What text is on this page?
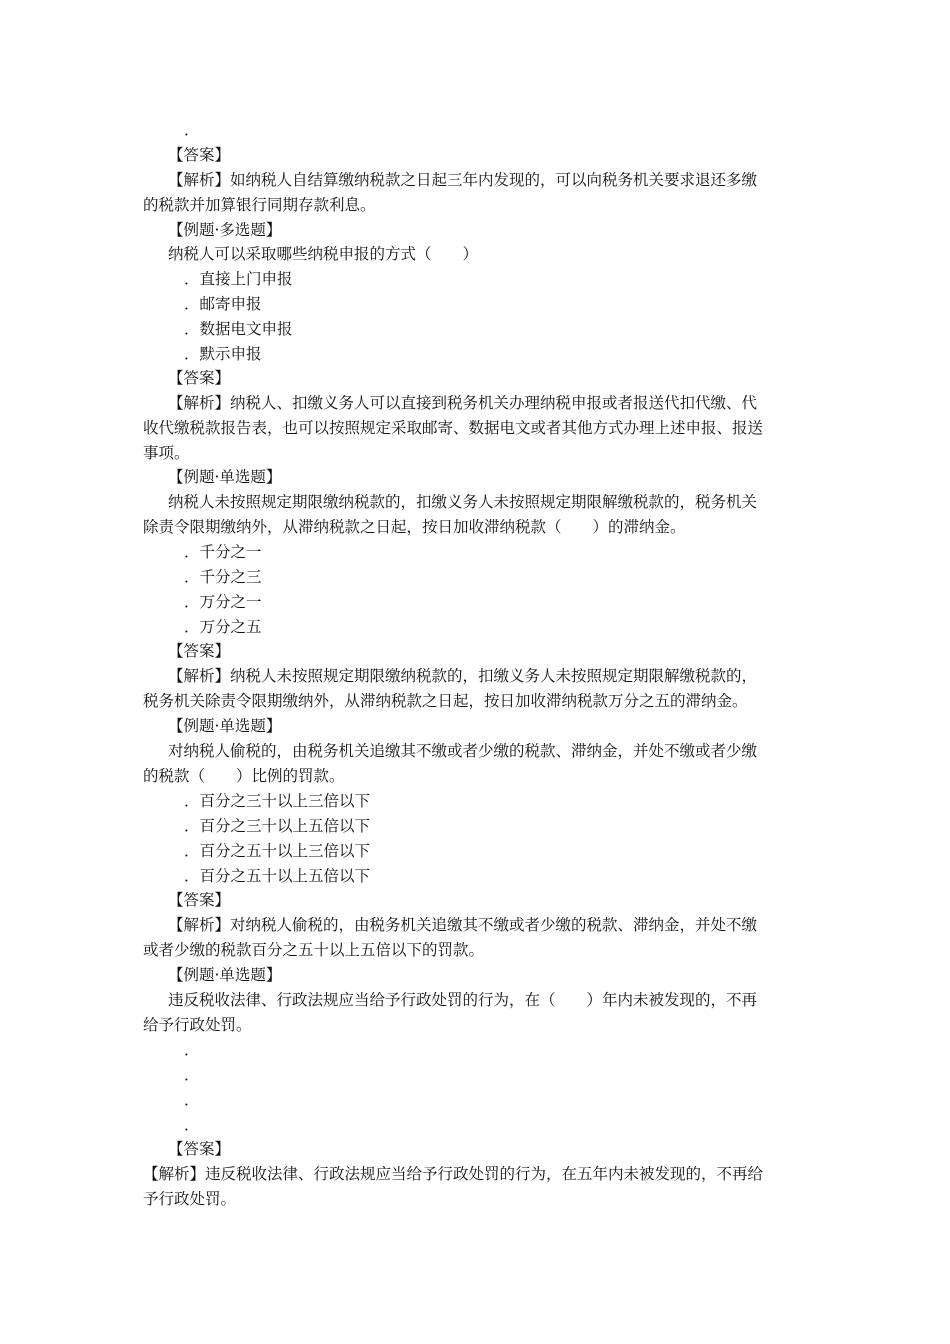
．
【答案】
【解析】如纳税人自结算缴纳税款之日起三年内发现的，可以向税务机关要求退还多缴
的税款并加算银行同期存款利息。
【例题·多选题】
纳税人可以采取哪些纳税申报的方式（　　）
．直接上门申报
．邮寄申报
．数据电文申报
．默示申报
【答案】
【解析】纳税人、扣缴义务人可以直接到税务机关办理纳税申报或者报送代扣代缴、代
收代缴税款报告表，也可以按照规定采取邮寄、数据电文或者其他方式办理上述申报、报送
事项。
【例题·单选题】
纳税人未按照规定期限缴纳税款的，扣缴义务人未按照规定期限解缴税款的，税务机关
除责令限期缴纳外，从滞纳税款之日起，按日加收滞纳税款（　　）的滞纳金。
．千分之一
．千分之三
．万分之一
．万分之五
【答案】
【解析】纳税人未按照规定期限缴纳税款的，扣缴义务人未按照规定期限解缴税款的，
税务机关除责令限期缴纳外，从滞纳税款之日起，按日加收滞纳税款万分之五的滞纳金。
【例题·单选题】
对纳税人偷税的，由税务机关追缴其不缴或者少缴的税款、滞纳金，并处不缴或者少缴
的税款（　　）比例的罚款。
．百分之三十以上三倍以下
．百分之三十以上五倍以下
．百分之五十以上三倍以下
．百分之五十以上五倍以下
【答案】
【解析】对纳税人偷税的，由税务机关追缴其不缴或者少缴的税款、滞纳金，并处不缴
或者少缴的税款百分之五十以上五倍以下的罚款。
【例题·单选题】
违反税收法律、行政法规应当给予行政处罚的行为，在（　　）年内未被发现的，不再
给予行政处罚。
．
．
．
．
【答案】
【解析】违反税收法律、行政法规应当给予行政处罚的行为，在五年内未被发现的，不再给
予行政处罚。
